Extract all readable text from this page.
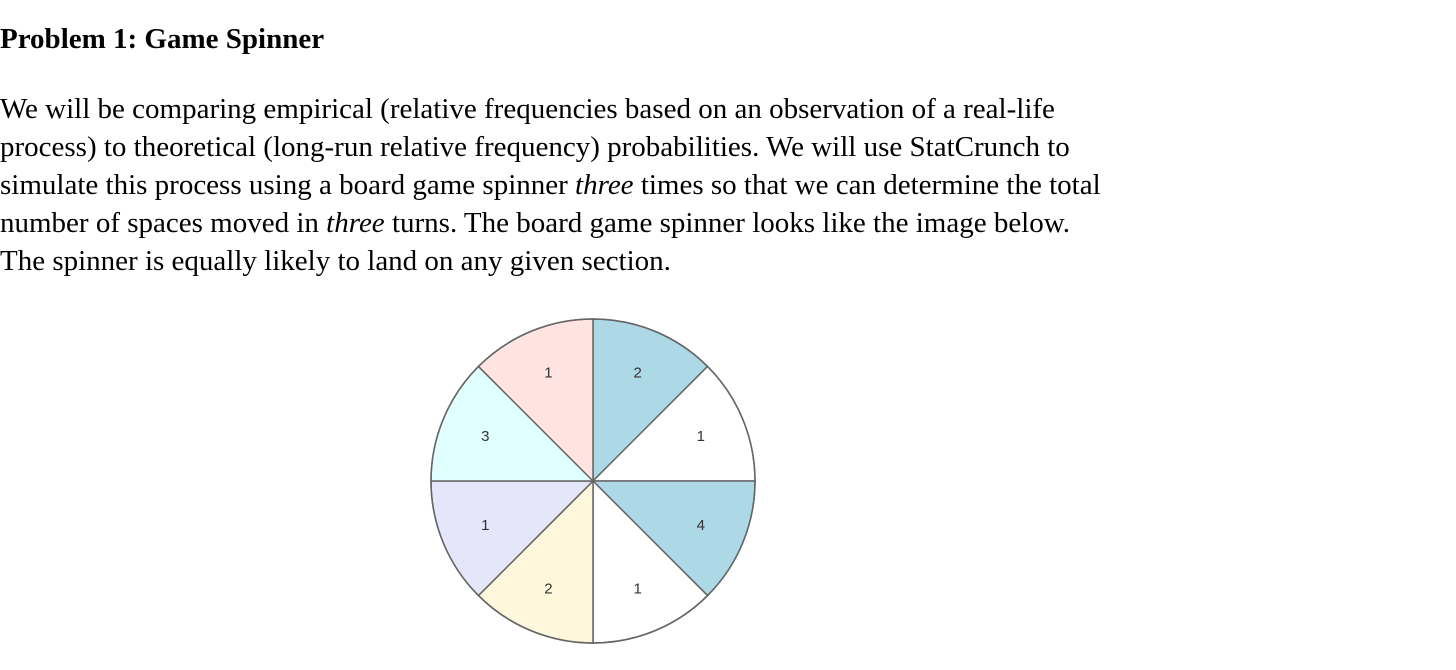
Problem 1: Game Spinner
We will be comparing empirical (relative frequencies based on an observation of a real-life
process) to theoretical (long-run relative frequency) probabilities. We will use StatCrunch to
simulate this process using a board game spinner three times so that we can determine the total
number of spaces moved in three turns. The board game spinner looks like the image below.
The spinner is equally likely to land on any given section.
2
1
4
1
2
1
3
1
